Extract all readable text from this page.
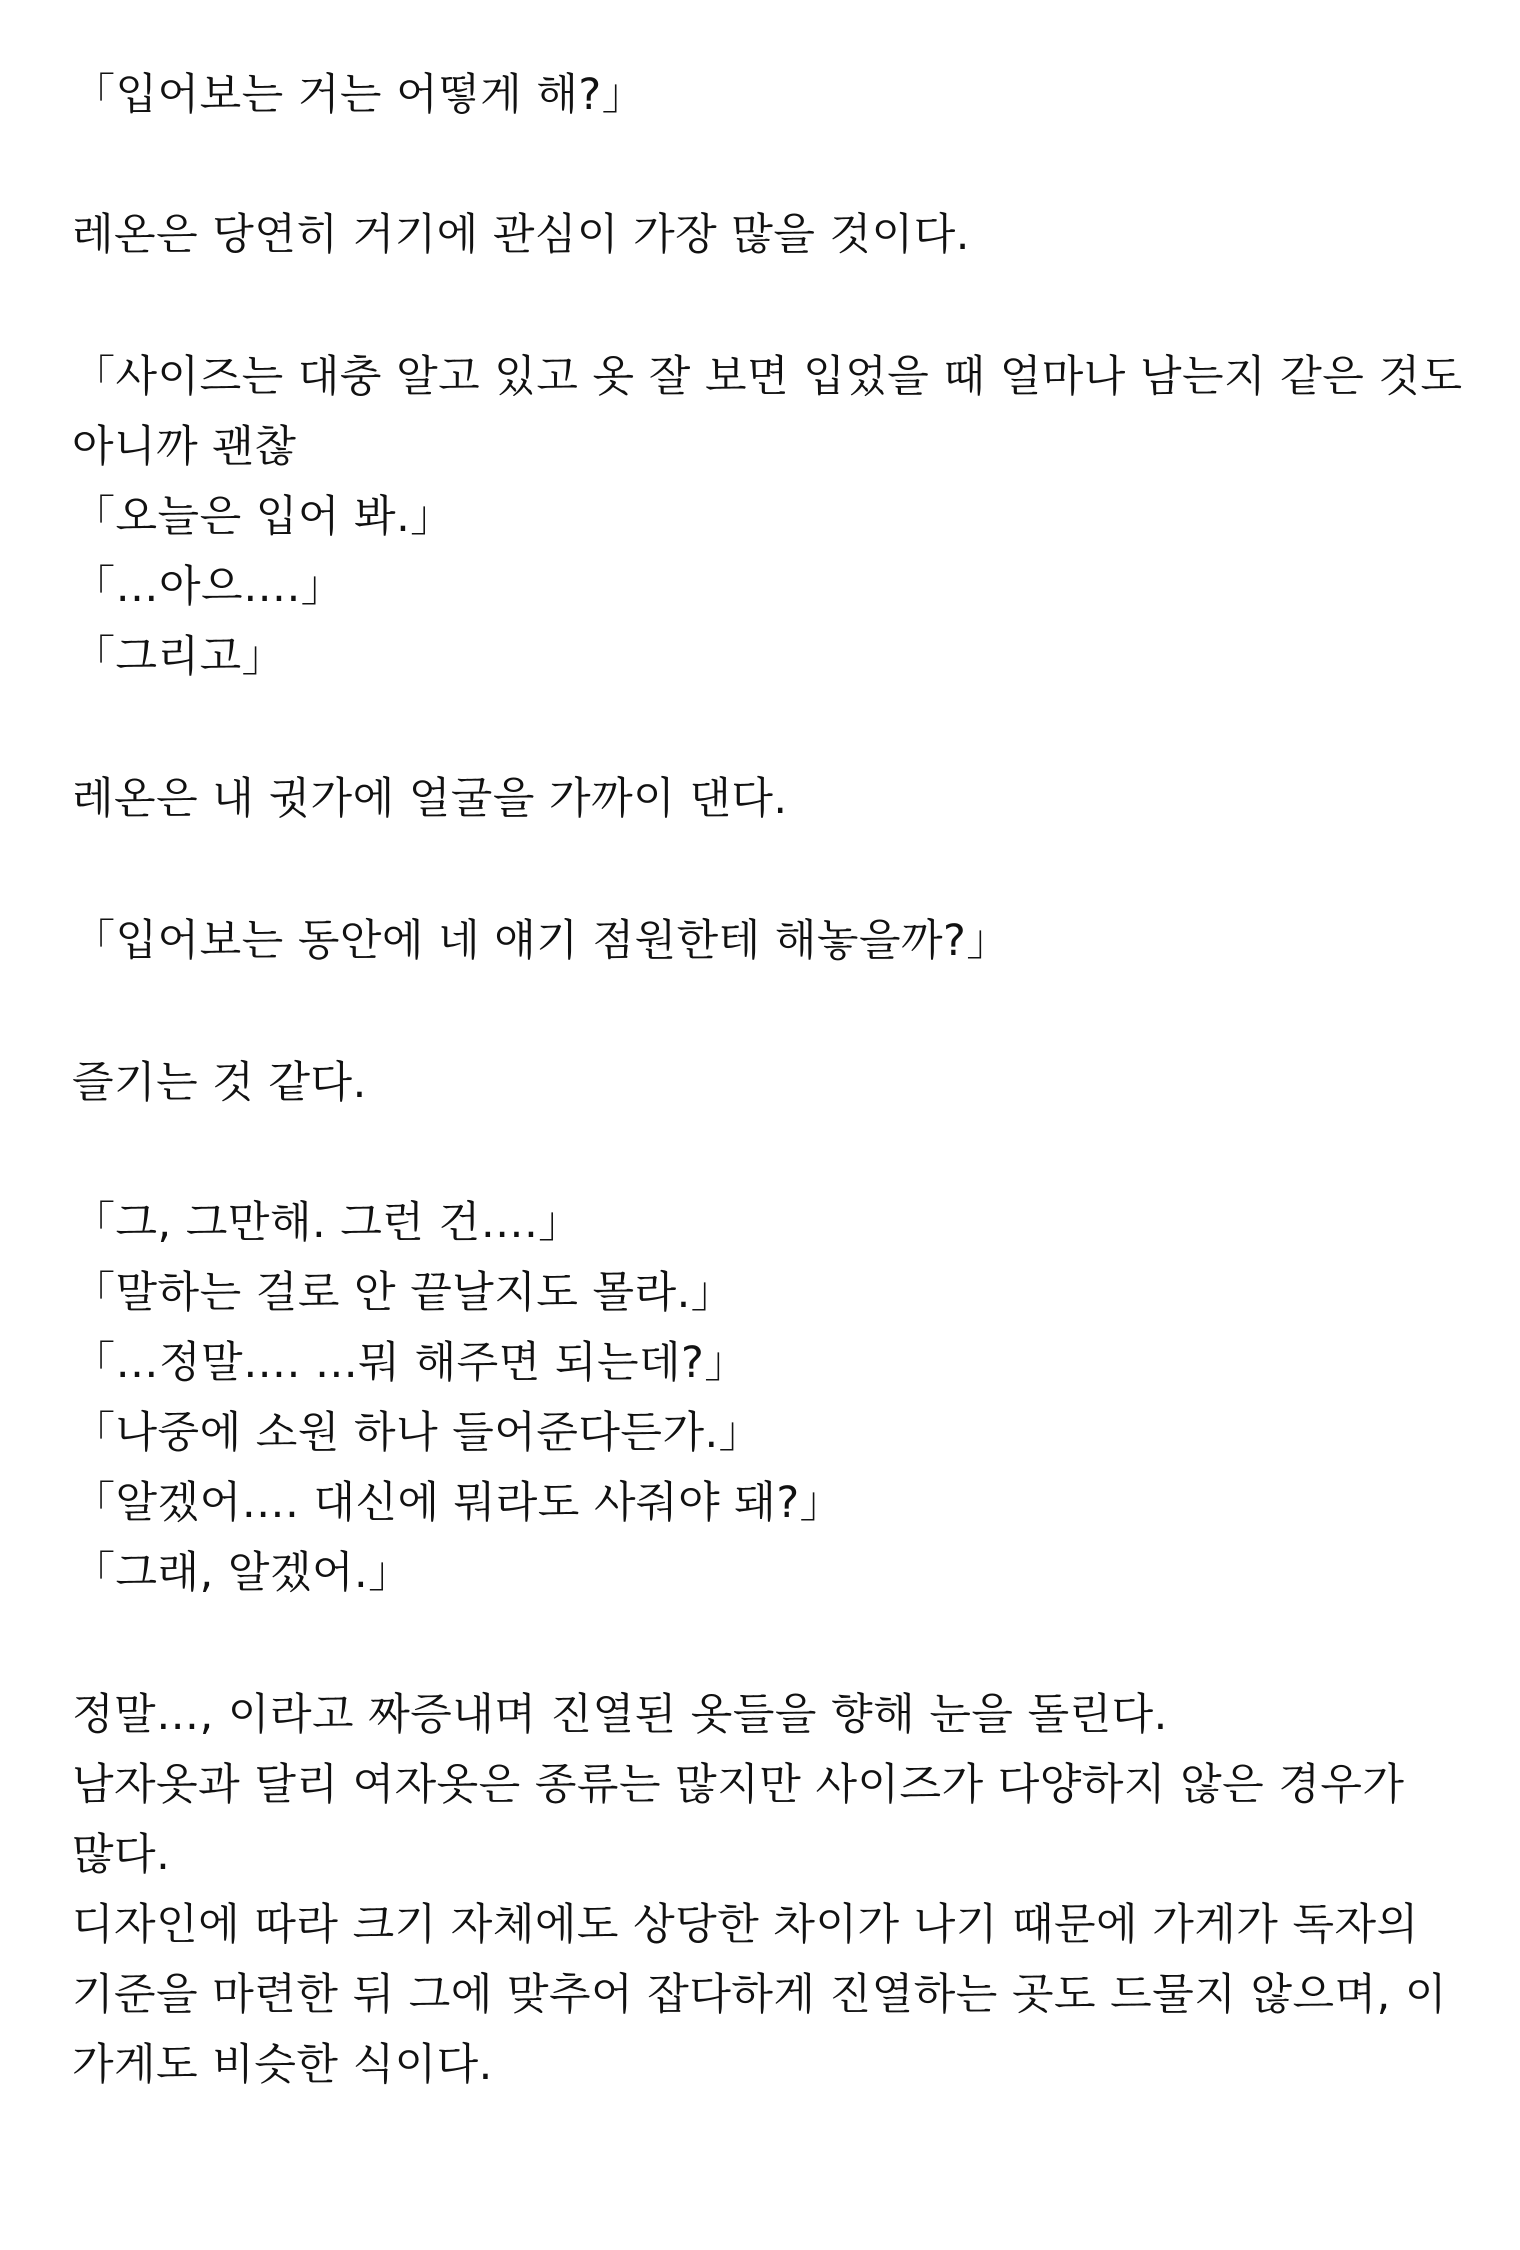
「입어보는 거는 어떻게 해?」

레온은 당연히 거기에 관심이 가장 많을 것이다.

「사이즈는 대충 알고 있고 옷 잘 보면 입었을 때 얼마나 남는지 같은 것도

아니까 괜찮

「오늘은 입어 봐.」

「…아으….」

「그리고」

레온은 내 귓가에 얼굴을 가까이 댄다.

「입어보는 동안에 네 얘기 점원한테 해놓을까?」

즐기는 것 같다.

「그, 그만해. 그런 건….」

「말하는 걸로 안 끝날지도 몰라.」

「…정말…. …뭐 해주면 되는데?」

「나중에 소원 하나 들어준다든가.」

「알겠어…. 대신에 뭐라도 사줘야 돼?」

「그래, 알겠어.」

정말…, 이라고 짜증내며 진열된 옷들을 향해 눈을 돌린다.

남자옷과 달리 여자옷은 종류는 많지만 사이즈가 다양하지 않은 경우가

많다.

디자인에 따라 크기 자체에도 상당한 차이가 나기 때문에 가게가 독자의

기준을 마련한 뒤 그에 맞추어 잡다하게 진열하는 곳도 드물지 않으며, 이

가게도 비슷한 식이다.
